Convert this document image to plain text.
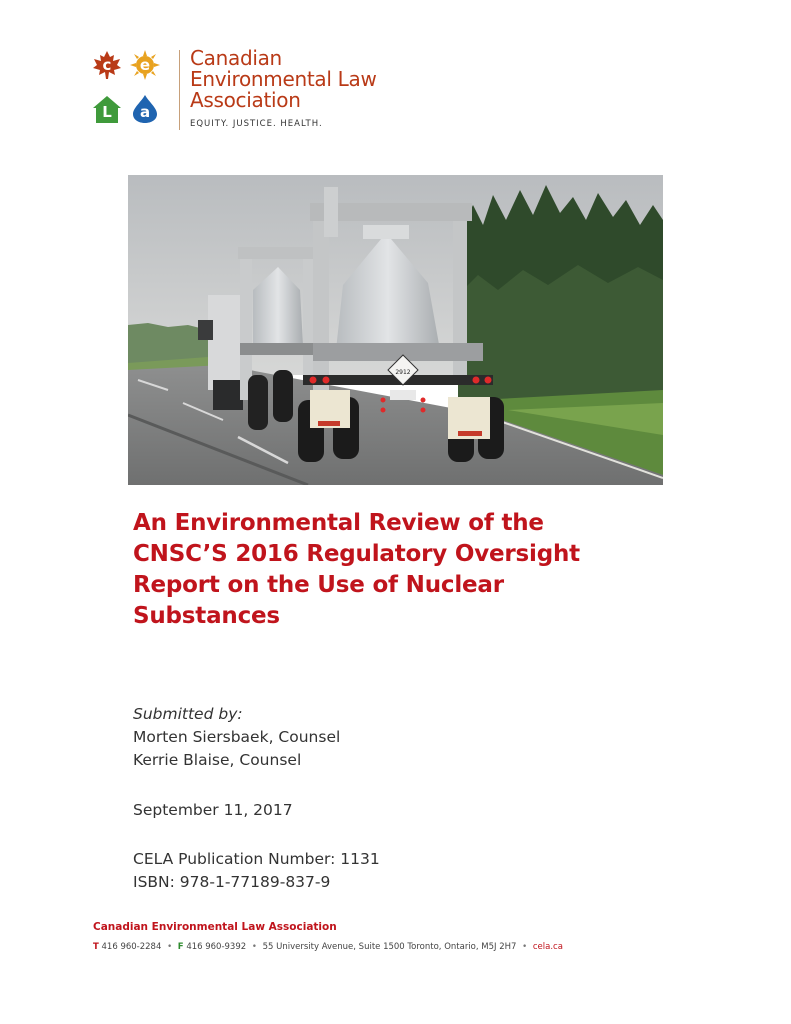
c	e
L	a
Canadian
Environmental Law
Association
EQUITY. JUSTICE. HEALTH.
2912
An Environmental Review of the
CNSC’S 2016 Regulatory Oversight
Report on the Use of Nuclear
Substances
Submitted by:
Morten Siersbaek, Counsel
Kerrie Blaise, Counsel
September 11, 2017
CELA Publication Number: 1131
ISBN: 978-1-77189-837-9
Canadian Environmental Law Association
T 416 960-2284 • F 416 960-9392 • 55 University Avenue, Suite 1500 Toronto, Ontario, M5J 2H7 • cela.ca
